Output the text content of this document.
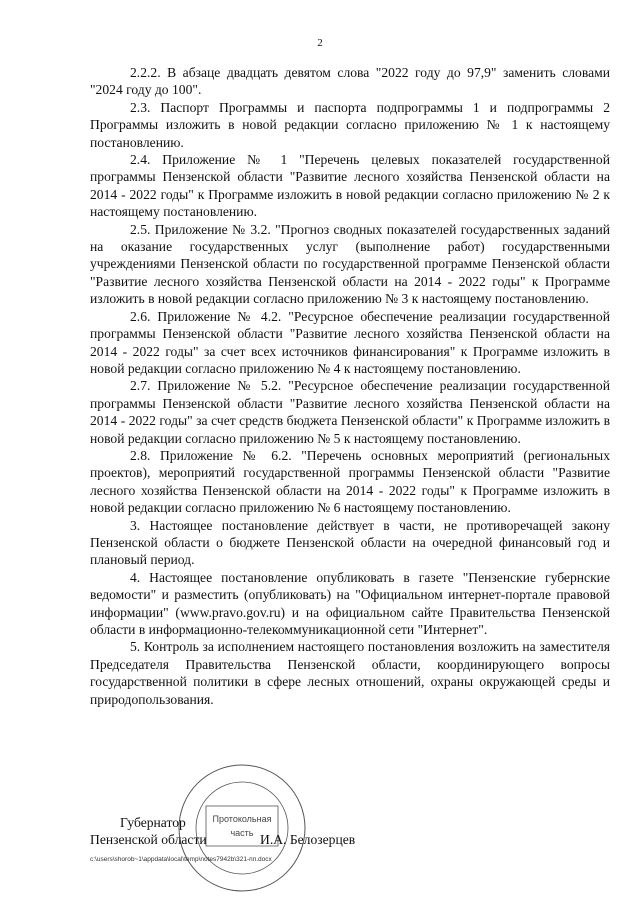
2

2.2.2. В абзаце двадцать девятом слова "2022 году до 97,9" заменить словами "2024 году до 100".

2.3. Паспорт Программы и паспорта подпрограммы 1 и подпрограммы 2 Программы изложить в новой редакции согласно приложению № 1 к настоящему постановлению.

2.4. Приложение № 1 "Перечень целевых показателей государственной программы Пензенской области "Развитие лесного хозяйства Пензенской области на 2014 - 2022 годы" к Программе изложить в новой редакции согласно приложению № 2 к настоящему постановлению.

2.5. Приложение № 3.2. "Прогноз сводных показателей государственных заданий на оказание государственных услуг (выполнение работ) государственными учреждениями Пензенской области по государственной программе Пензенской области "Развитие лесного хозяйства Пензенской области на 2014 - 2022 годы" к Программе изложить в новой редакции согласно приложению № 3 к настоящему постановлению.

2.6. Приложение № 4.2. "Ресурсное обеспечение реализации государственной программы Пензенской области "Развитие лесного хозяйства Пензенской области на 2014 - 2022 годы" за счет всех источников финансирования" к Программе изложить в новой редакции согласно приложению № 4 к настоящему постановлению.

2.7. Приложение № 5.2. "Ресурсное обеспечение реализации государственной программы Пензенской области "Развитие лесного хозяйства Пензенской области на 2014 - 2022 годы" за счет средств бюджета Пензенской области" к Программе изложить в новой редакции согласно приложению № 5 к настоящему постановлению.

2.8. Приложение № 6.2. "Перечень основных мероприятий (региональных проектов), мероприятий государственной программы Пензенской области "Развитие лесного хозяйства Пензенской области на 2014 - 2022 годы" к Программе изложить в новой редакции согласно приложению № 6 настоящему постановлению.

3. Настоящее постановление действует в части, не противоречащей закону Пензенской области о бюджете Пензенской области на очередной финансовый год и плановый период.

4. Настоящее постановление опубликовать в газете "Пензенские губернские ведомости" и разместить (опубликовать) на "Официальном интернет-портале правовой информации" (www.pravo.gov.ru) и на официальном сайте Правительства Пензенской области в информационно-телекоммуникационной сети "Интернет".

5. Контроль за исполнением настоящего постановления возложить на заместителя Председателя Правительства Пензенской области, координирующего вопросы государственной политики в сфере лесных отношений, охраны окружающей среды и природопользования.

Протокольная
часть

Губернатор

Пензенской области	И.А. Белозерцев

c:\users\shorob~1\appdata\local\temp\notes7942b\321-пп.docx
